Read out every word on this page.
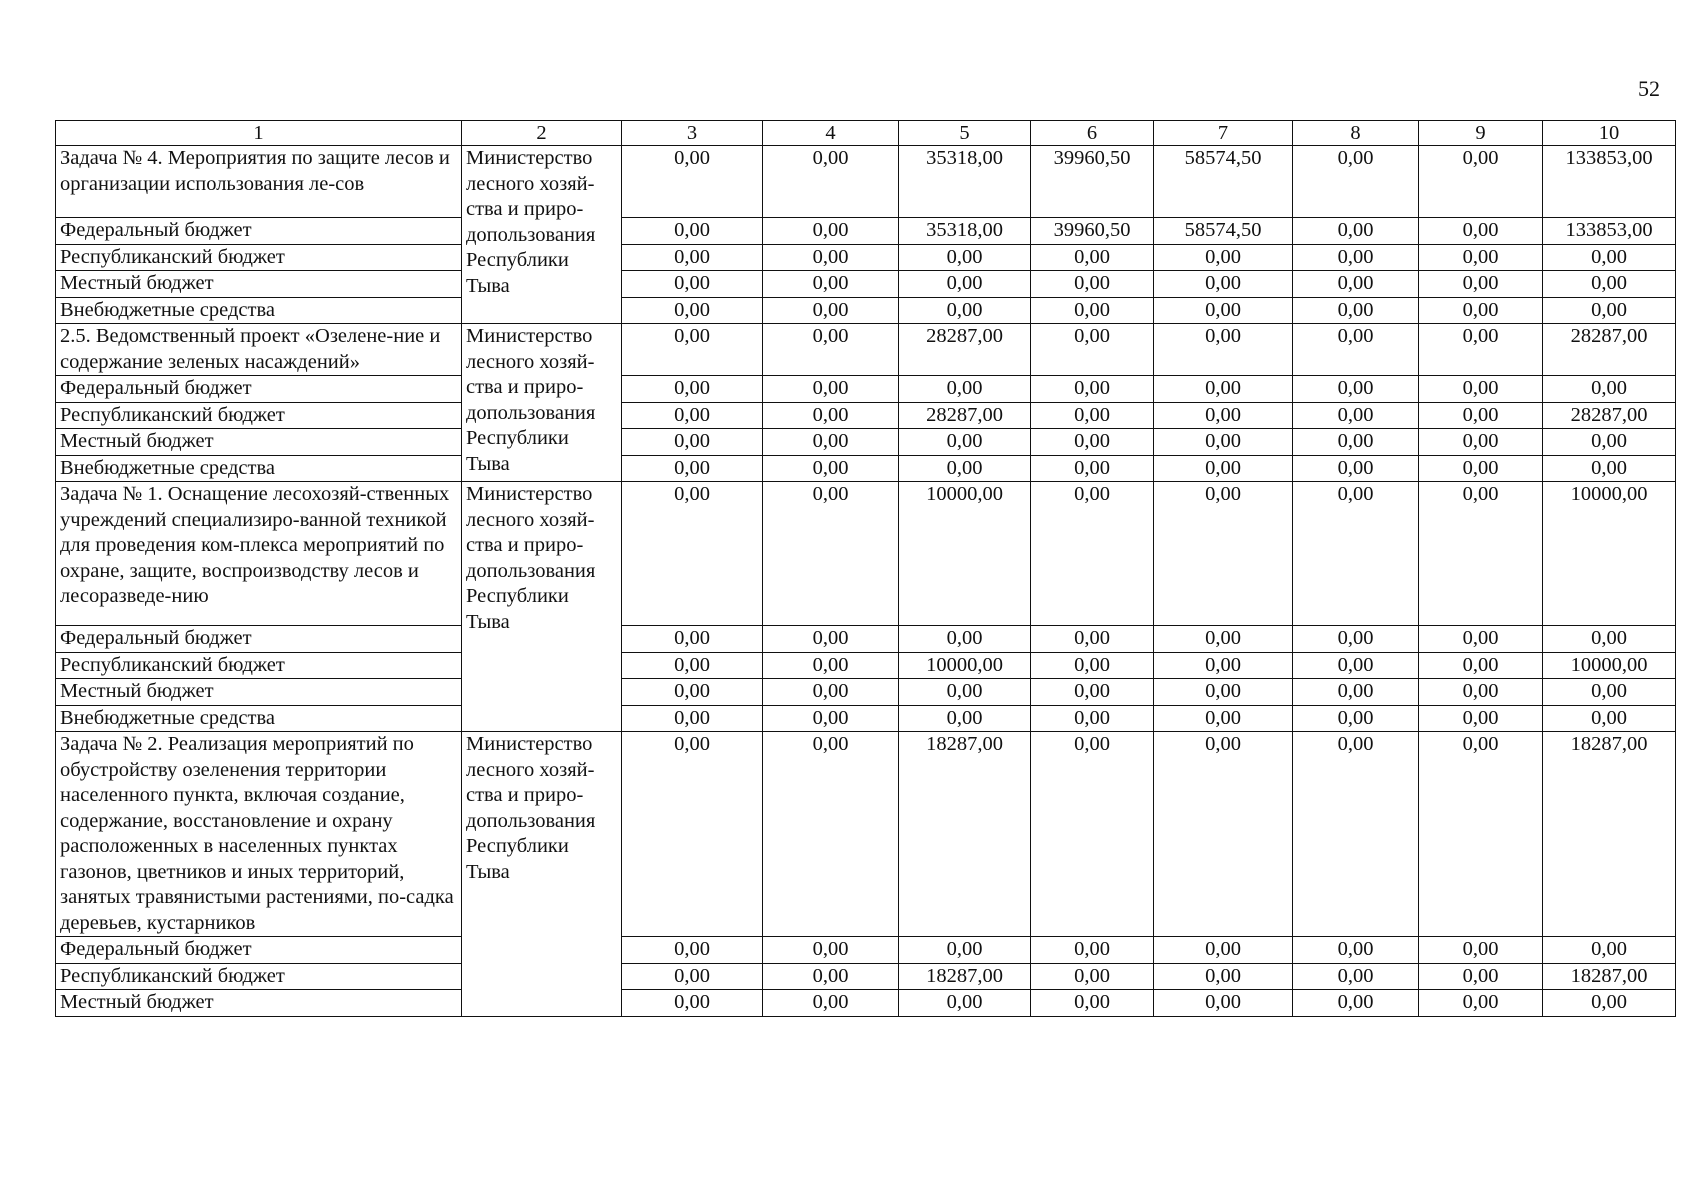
52
1	2	3	4	5	6	7	8	9	10
Задача № 4. Мероприятия по защите лесов и организации использования ле-сов	Министерство лесного хозяй-ства и приро-допользования Республики Тыва	0,00	0,00	35318,00	39960,50	58574,50	0,00	0,00	133853,00
Федеральный бюджет		0,00	0,00	35318,00	39960,50	58574,50	0,00	0,00	133853,00
Республиканский бюджет		0,00	0,00	0,00	0,00	0,00	0,00	0,00	0,00
Местный бюджет		0,00	0,00	0,00	0,00	0,00	0,00	0,00	0,00
Внебюджетные средства		0,00	0,00	0,00	0,00	0,00	0,00	0,00	0,00
2.5. Ведомственный проект «Озелене-ние и содержание зеленых насаждений»	Министерство лесного хозяй-ства и приро-допользования Республики Тыва	0,00	0,00	28287,00	0,00	0,00	0,00	0,00	28287,00
Федеральный бюджет		0,00	0,00	0,00	0,00	0,00	0,00	0,00	0,00
Республиканский бюджет		0,00	0,00	28287,00	0,00	0,00	0,00	0,00	28287,00
Местный бюджет		0,00	0,00	0,00	0,00	0,00	0,00	0,00	0,00
Внебюджетные средства		0,00	0,00	0,00	0,00	0,00	0,00	0,00	0,00
Задача № 1. Оснащение лесохозяй-ственных учреждений специализиро-ванной техникой для проведения ком-плекса мероприятий по охране, защите, воспроизводству лесов и лесоразведе-нию	Министерство лесного хозяй-ства и приро-допользования Республики Тыва	0,00	0,00	10000,00	0,00	0,00	0,00	0,00	10000,00
Федеральный бюджет		0,00	0,00	0,00	0,00	0,00	0,00	0,00	0,00
Республиканский бюджет		0,00	0,00	10000,00	0,00	0,00	0,00	0,00	10000,00
Местный бюджет		0,00	0,00	0,00	0,00	0,00	0,00	0,00	0,00
Внебюджетные средства		0,00	0,00	0,00	0,00	0,00	0,00	0,00	0,00
Задача № 2. Реализация мероприятий по обустройству озеленения территории населенного пункта, включая создание, содержание, восстановление и охрану расположенных в населенных пунктах газонов, цветников и иных территорий, занятых травянистыми растениями, по-садка деревьев, кустарников	Министерство лесного хозяй-ства и приро-допользования Республики Тыва	0,00	0,00	18287,00	0,00	0,00	0,00	0,00	18287,00
Федеральный бюджет		0,00	0,00	0,00	0,00	0,00	0,00	0,00	0,00
Республиканский бюджет		0,00	0,00	18287,00	0,00	0,00	0,00	0,00	18287,00
Местный бюджет		0,00	0,00	0,00	0,00	0,00	0,00	0,00	0,00
